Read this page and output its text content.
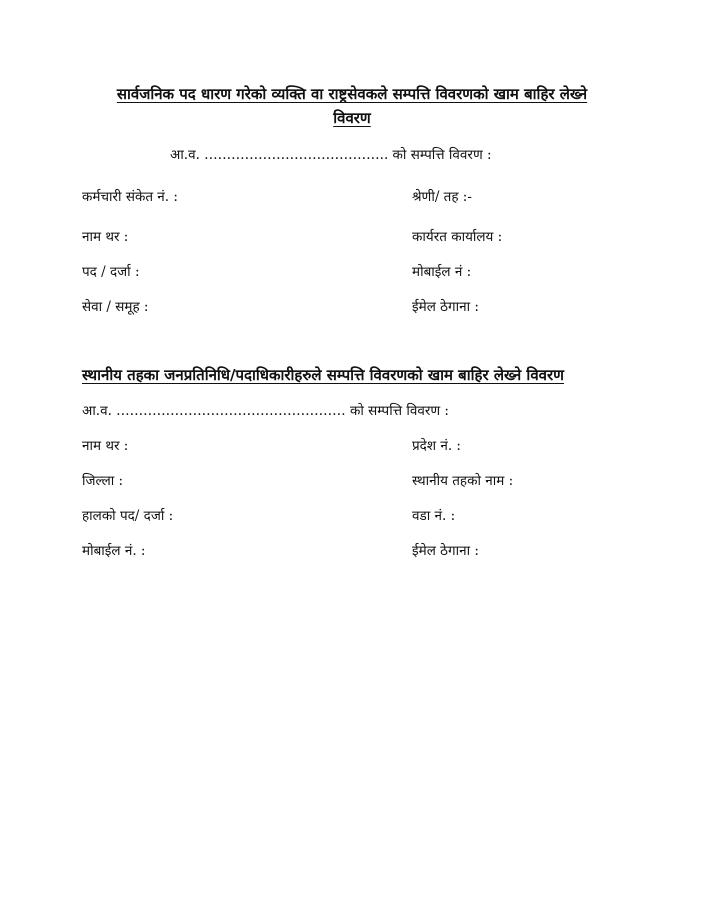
सार्वजनिक पद धारण गरेको व्यक्ति वा राष्ट्रसेवकले सम्पत्ति विवरणको खाम बाहिर लेख्ने
विवरण
आ.व. ………………………………….. को सम्पत्ति विवरण :
कर्मचारी संकेत नं. :	श्रेणी/ तह :-
नाम थर :	कार्यरत कार्यालय :
पद / दर्जा :	मोबाईल नं :
सेवा / समूह :	ईमेल ठेगाना :
स्थानीय तहका जनप्रतिनिधि/पदाधिकारीहरुले सम्पत्ति विवरणको खाम बाहिर लेख्ने विवरण
आ.व. …………………………………………… को सम्पत्ति विवरण :
नाम थर :	प्रदेश नं. :
जिल्ला :	स्थानीय तहको नाम :
हालको पद/ दर्जा :	वडा नं. :
मोबाईल नं. :	ईमेल ठेगाना :
